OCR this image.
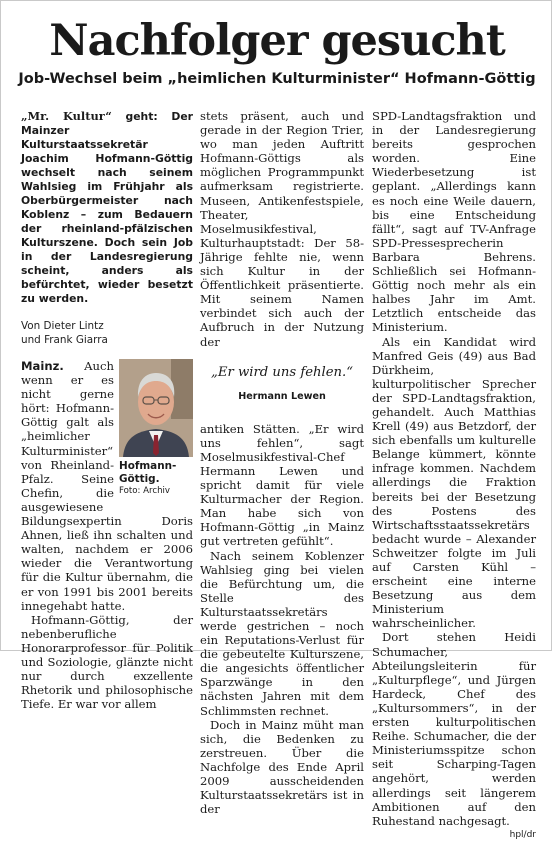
Nachfolger gesucht
Job-Wechsel beim „heimlichen Kulturminister“ Hofmann-Göttig

„Mr. Kultur“ geht: Der Mainzer Kulturstaatssekretär Joachim Hofmann-Göttig wechselt nach seinem Wahlsieg im Frühjahr als Oberbürgermeister nach Koblenz – zum Bedauern der rheinland-pfälzischen Kulturszene. Doch sein Job in der Landesregierung scheint, anders als befürchtet, wieder besetzt zu werden.

Von Dieter Lintz
und Frank Giarra
Hofmann-Göttig.
Foto: Archiv

Mainz. Auch wenn er es nicht gerne hört: Hofmann-Göttig galt als „heimlicher Kulturminister“ von Rheinland-Pfalz. Seine Chefin, die ausgewiesene Bildungsexpertin Doris Ahnen, ließ ihn schalten und walten, nachdem er 2006 wieder die Verantwortung für die Kultur übernahm, die er von 1991 bis 2001 bereits innegehabt hatte.

Hofmann-Göttig, der nebenberufliche Honorarprofessor für Politik und Soziologie, glänzte nicht nur durch exzellente Rhetorik und philosophische Tiefe. Er war vor allem

stets präsent, auch und gerade in der Region Trier, wo man jeden Auftritt Hofmann-Göttigs als möglichen Programmpunkt aufmerksam registrierte. Museen, Antikenfestspiele, Theater, Moselmusikfestival, Kulturhauptstadt: Der 58-Jährige fehlte nie, wenn sich Kultur in der Öffentlichkeit präsentierte. Mit seinem Namen verbindet sich auch der Aufbruch in der Nutzung der

„Er wird uns fehlen.“
Hermann Lewen

antiken Stätten. „Er wird uns fehlen“, sagt Moselmusikfestival-Chef Hermann Lewen und spricht damit für viele Kulturmacher der Region. Man habe sich von Hofmann-Göttig „in Mainz gut vertreten gefühlt“.

Nach seinem Koblenzer Wahlsieg ging bei vielen die Befürchtung um, die Stelle des Kulturstaatssekretärs werde gestrichen – noch ein Reputations-Verlust für die gebeutelte Kulturszene, die angesichts öffentlicher Sparzwänge in den nächsten Jahren mit dem Schlimmsten rechnet.

Doch in Mainz müht man sich, die Bedenken zu zerstreuen. Über die Nachfolge des Ende April 2009 ausscheidenden Kulturstaatssekretärs ist in der

SPD-Landtagsfraktion und in der Landesregierung bereits gesprochen worden. Eine Wiederbesetzung ist geplant. „Allerdings kann es noch eine Weile dauern, bis eine Entscheidung fällt“, sagt auf TV-Anfrage SPD-Pressesprecherin Barbara Behrens. Schließlich sei Hofmann-Göttig noch mehr als ein halbes Jahr im Amt. Letztlich entscheide das Ministerium.

Als ein Kandidat wird Manfred Geis (49) aus Bad Dürkheim, kulturpolitischer Sprecher der SPD-Landtagsfraktion, gehandelt. Auch Matthias Krell (49) aus Betzdorf, der sich ebenfalls um kulturelle Belange kümmert, könnte infrage kommen. Nachdem allerdings die Fraktion bereits bei der Besetzung des Postens des Wirtschaftsstaatssekretärs bedacht wurde – Alexander Schweitzer folgte im Juli auf Carsten Kühl – erscheint eine interne Besetzung aus dem Ministerium wahrscheinlicher.

Dort stehen Heidi Schumacher, Abteilungsleiterin für „Kulturpflege“, und Jürgen Hardeck, Chef des „Kultursommers“, in der ersten kulturpolitischen Reihe. Schumacher, die der Ministeriumsspitze schon seit Scharping-Tagen angehört, werden allerdings seit längerem Ambitionen auf den Ruhestand nachgesagt.

hpl/dr
